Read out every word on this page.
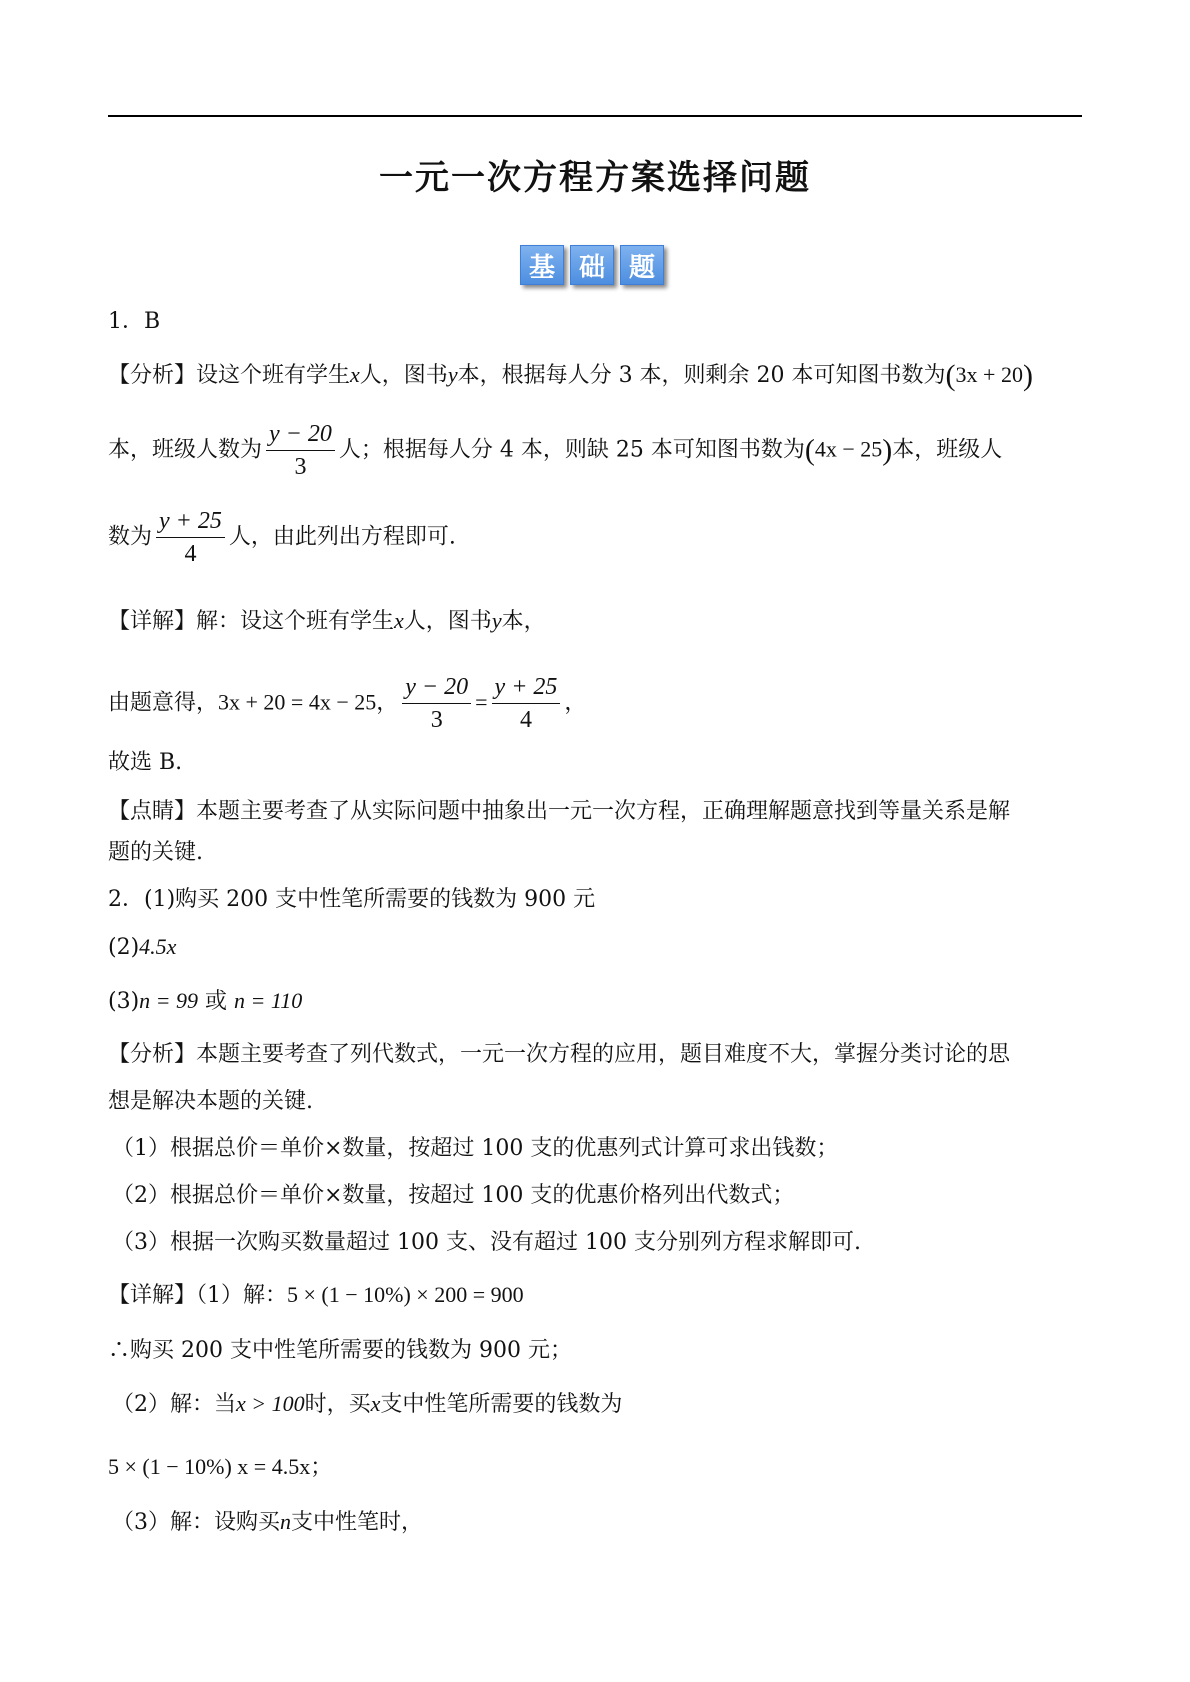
一元一次方程方案选择问题
基 础 题
1．B
【分析】设这个班有学生x人，图书y本，根据每人分 3 本，则剩余 20 本可知图书数为(3x + 20)
本，班级人数为 $\frac{y - 20}{3}$ 人；根据每人分 4 本，则缺 25 本可知图书数为(4x − 25)本，班级人
数为 $\frac{y + 25}{4}$ 人，由此列出方程即可.
【详解】解：设这个班有学生x人，图书y本，
由题意得，3x + 20 = 4x − 25， $\frac{y - 20}{3} = \frac{y + 25}{4}$ ，
故选 B.
【点睛】本题主要考查了从实际问题中抽象出一元一次方程，正确理解题意找到等量关系是解
题的关键.
2．(1)购买 200 支中性笔所需要的钱数为 900 元
(2)4.5x
(3)n = 99 或 n = 110
【分析】本题主要考查了列代数式，一元一次方程的应用，题目难度不大，掌握分类讨论的思
想是解决本题的关键.
（1）根据总价＝单价×数量，按超过 100 支的优惠列式计算可求出钱数；
（2）根据总价＝单价×数量，按超过 100 支的优惠价格列出代数式；
（3）根据一次购买数量超过 100 支、没有超过 100 支分别列方程求解即可.
【详解】（1）解：5 × (1 − 10%) × 200 = 900
∴购买 200 支中性笔所需要的钱数为 900 元；
（2）解：当x > 100时，买x支中性笔所需要的钱数为
5 × (1 − 10%) x = 4.5x；
（3）解：设购买n支中性笔时，
